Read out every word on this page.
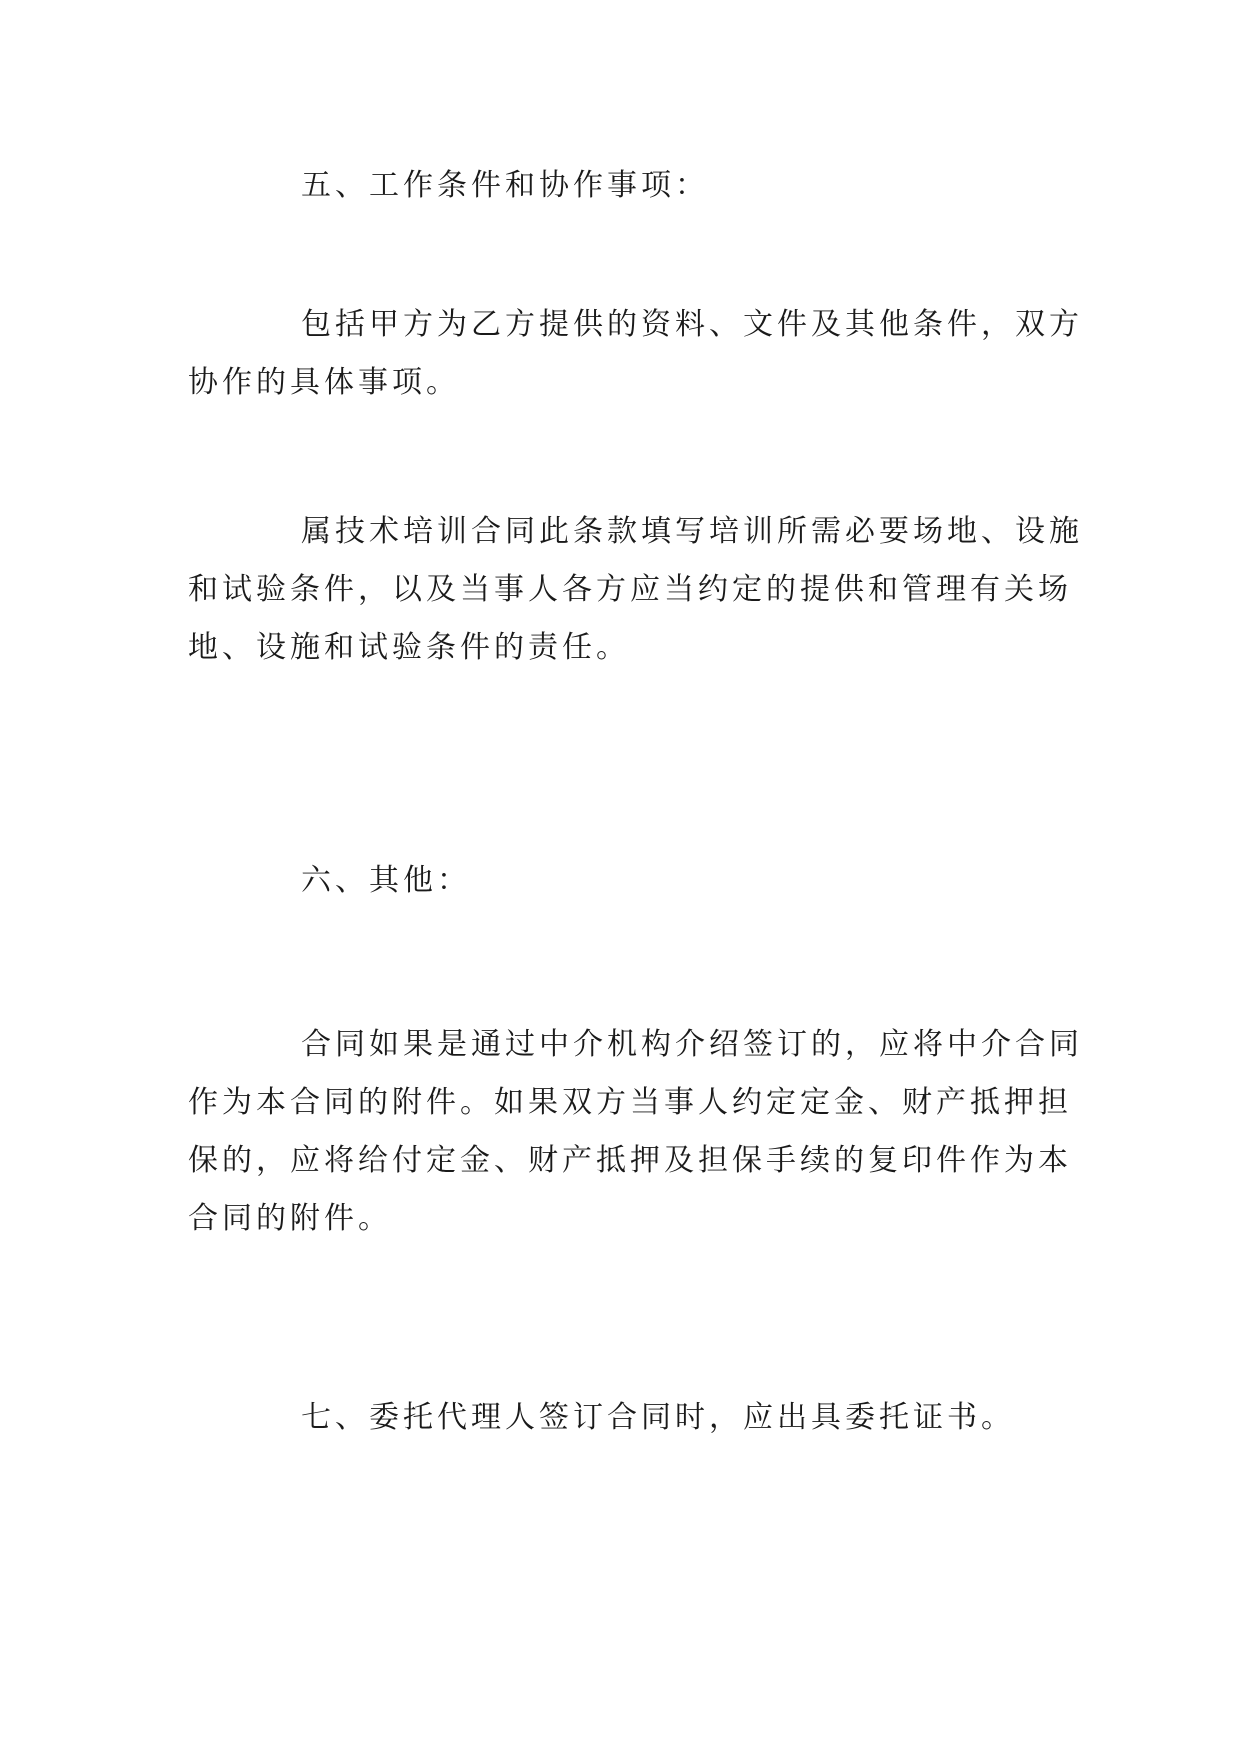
五、工作条件和协作事项：

包括甲方为乙方提供的资料、文件及其他条件，双方
协作的具体事项。
属技术培训合同此条款填写培训所需必要场地、设施
和试验条件，以及当事人各方应当约定的提供和管理有关场
地、设施和试验条件的责任。

六、其他：

合同如果是通过中介机构介绍签订的，应将中介合同
作为本合同的附件。如果双方当事人约定定金、财产抵押担
保的，应将给付定金、财产抵押及担保手续的复印件作为本
合同的附件。

七、委托代理人签订合同时，应出具委托证书。
